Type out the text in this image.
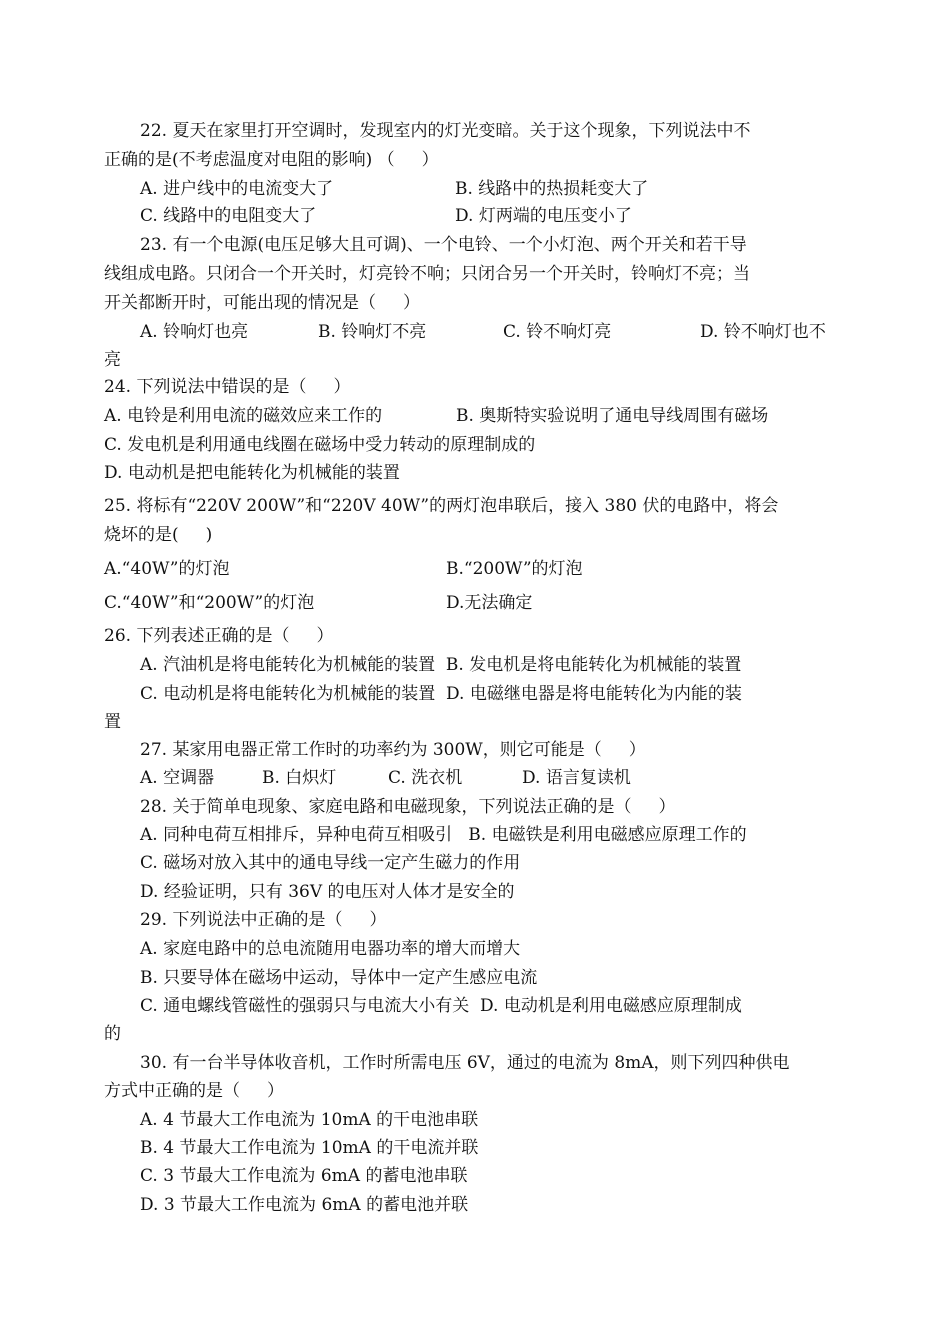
22. 夏天在家里打开空调时，发现室内的灯光变暗。关于这个现象，下列说法中不
正确的是(不考虑温度对电阻的影响) （     ）
A. 进户线中的电流变大了	B. 线路中的热损耗变大了
C. 线路中的电阻变大了	D. 灯两端的电压变小了
23. 有一个电源(电压足够大且可调)、一个电铃、一个小灯泡、两个开关和若干导
线组成电路。只闭合一个开关时，灯亮铃不响；只闭合另一个开关时，铃响灯不亮；当
开关都断开时，可能出现的情况是（     ）
A. 铃响灯也亮	B. 铃响灯不亮	C. 铃不响灯亮	D. 铃不响灯也不
亮
24. 下列说法中错误的是（     ）
A. 电铃是利用电流的磁效应来工作的	B. 奥斯特实验说明了通电导线周围有磁场
C. 发电机是利用通电线圈在磁场中受力转动的原理制成的
D. 电动机是把电能转化为机械能的装置
25. 将标有“220V 200W”和“220V 40W”的两灯泡串联后，接入 380 伏的电路中，将会
烧坏的是(     )
A.“40W”的灯泡	B.“200W”的灯泡
C.“40W”和“200W”的灯泡	D.无法确定
26. 下列表述正确的是（     ）
A. 汽油机是将电能转化为机械能的装置  B. 发电机是将电能转化为机械能的装置
C. 电动机是将电能转化为机械能的装置  D. 电磁继电器是将电能转化为内能的装
置
27. 某家用电器正常工作时的功率约为 300W，则它可能是（     ）
A. 空调器	B. 白炽灯	C. 洗衣机	D. 语言复读机
28. 关于简单电现象、家庭电路和电磁现象，下列说法正确的是（     ）
A. 同种电荷互相排斥，异种电荷互相吸引   B. 电磁铁是利用电磁感应原理工作的
C. 磁场对放入其中的通电导线一定产生磁力的作用
D. 经验证明，只有 36V 的电压对人体才是安全的
29. 下列说法中正确的是（     ）
A. 家庭电路中的总电流随用电器功率的增大而增大
B. 只要导体在磁场中运动，导体中一定产生感应电流
C. 通电螺线管磁性的强弱只与电流大小有关  D. 电动机是利用电磁感应原理制成
的
30. 有一台半导体收音机，工作时所需电压 6V，通过的电流为 8mA，则下列四种供电
方式中正确的是（     ）
A. 4 节最大工作电流为 10mA 的干电池串联
B. 4 节最大工作电流为 10mA 的干电流并联
C. 3 节最大工作电流为 6mA 的蓄电池串联
D. 3 节最大工作电流为 6mA 的蓄电池并联
